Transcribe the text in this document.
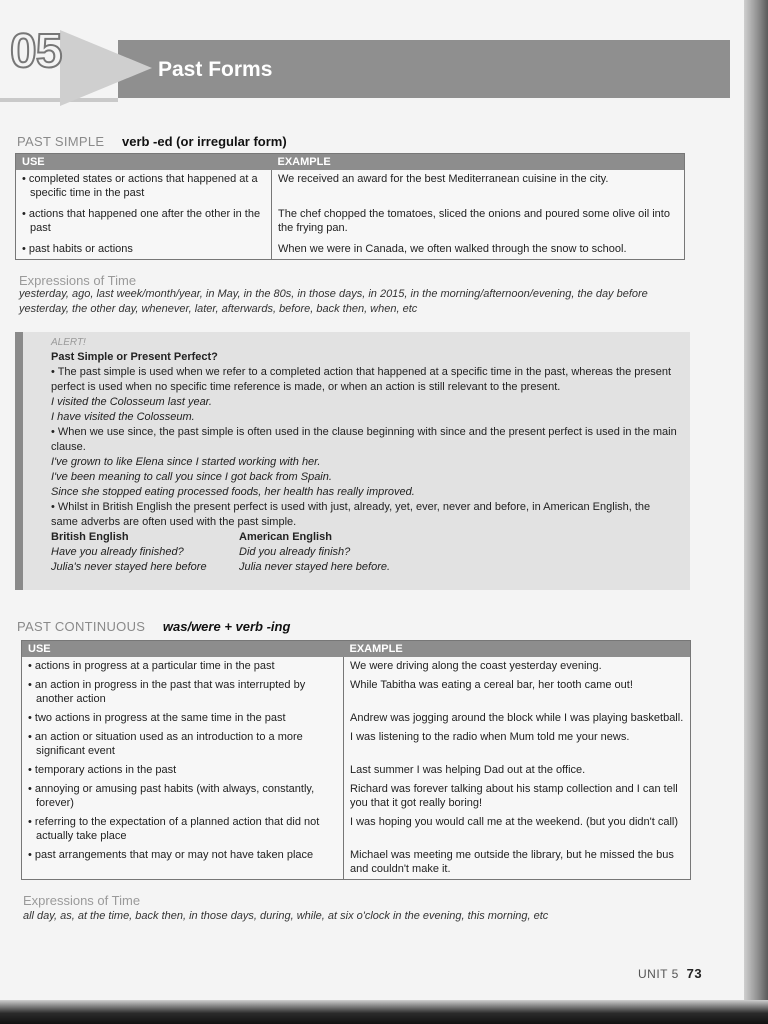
05	Past Forms
PAST SIMPLE verb -ed (or irregular form)
USE	EXAMPLE

• completed states or actions that happened at a specific time in the past	We received an award for the best Mediterranean cuisine in the city.

• actions that happened one after the other in the past	The chef chopped the tomatoes, sliced the onions and poured some olive oil into the frying pan.

• past habits or actions	When we were in Canada, we often walked through the snow to school.
Expressions of Time
yesterday, ago, last week/month/year, in May, in the 80s, in those days, in 2015, in the morning/afternoon/evening, the day before yesterday, the other day, whenever, later, afterwards, before, back then, when, etc
ALERT!
Past Simple or Present Perfect?
• The past simple is used when we refer to a completed action that happened at a specific time in the past, whereas the present perfect is used when no specific time reference is made, or when an action is still relevant to the present.
I visited the Colosseum last year.
I have visited the Colosseum.
• When we use since, the past simple is often used in the clause beginning with since and the present perfect is used in the main clause.
I've grown to like Elena since I started working with her.
I've been meaning to call you since I got back from Spain.
Since she stopped eating processed foods, her health has really improved.
• Whilst in British English the present perfect is used with just, already, yet, ever, never and before, in American English, the same adverbs are often used with the past simple.
British English	American English
Have you already finished?	Did you already finish?
Julia's never stayed here before	Julia never stayed here before.
PAST CONTINUOUS was/were + verb -ing
USE	EXAMPLE

• actions in progress at a particular time in the past	We were driving along the coast yesterday evening.

• an action in progress in the past that was interrupted by another action	While Tabitha was eating a cereal bar, her tooth came out!

• two actions in progress at the same time in the past	Andrew was jogging around the block while I was playing basketball.

• an action or situation used as an introduction to a more significant event	I was listening to the radio when Mum told me your news.

• temporary actions in the past	Last summer I was helping Dad out at the office.

• annoying or amusing past habits (with always, constantly, forever)	Richard was forever talking about his stamp collection and I can tell you that it got really boring!

• referring to the expectation of a planned action that did not actually take place	I was hoping you would call me at the weekend. (but you didn't call)

• past arrangements that may or may not have taken place	Michael was meeting me outside the library, but he missed the bus and couldn't make it.
Expressions of Time
all day, as, at the time, back then, in those days, during, while, at six o'clock in the evening, this morning, etc
UNIT 5 73
